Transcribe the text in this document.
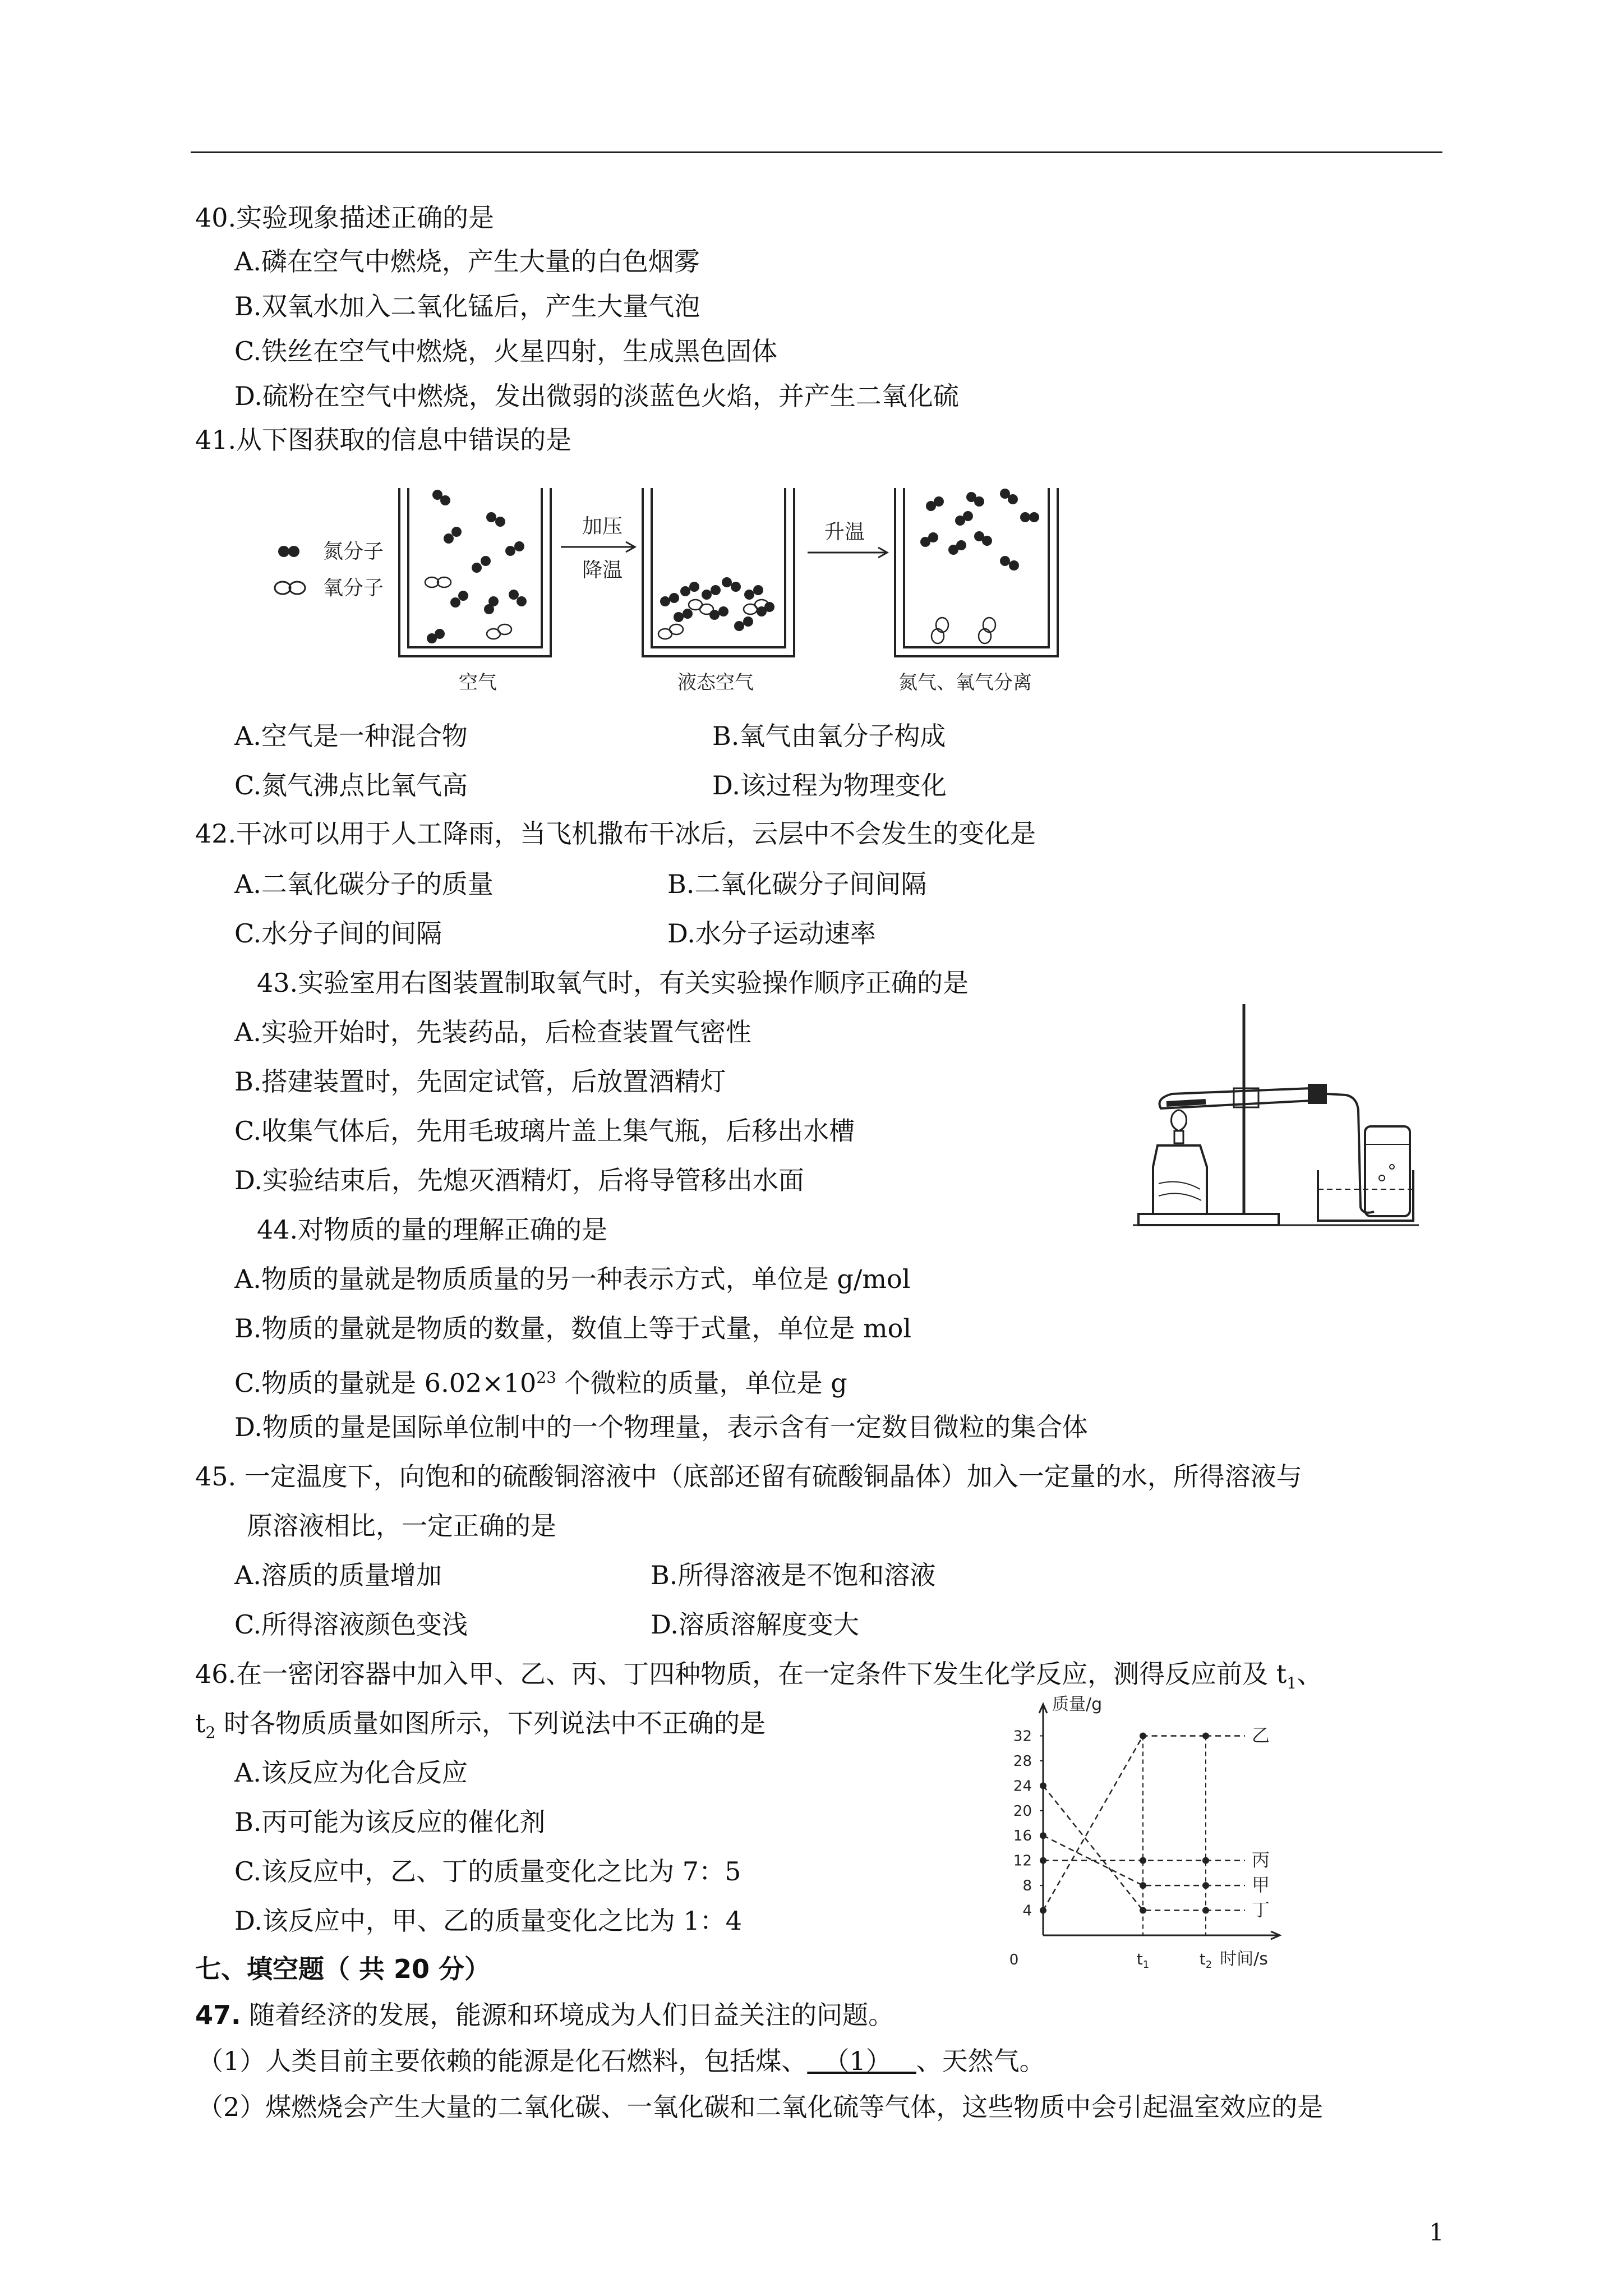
40.实验现象描述正确的是
A.磷在空气中燃烧，产生大量的白色烟雾
B.双氧水加入二氧化锰后，产生大量气泡
C.铁丝在空气中燃烧，火星四射，生成黑色固体
D.硫粉在空气中燃烧，发出微弱的淡蓝色火焰，并产生二氧化硫
41.从下图获取的信息中错误的是
氮分子
氧分子
空气
加压
降温
液态空气
升温
氮气、氧气分离
A.空气是一种混合物	B.氧气由氧分子构成
C.氮气沸点比氧气高	D.该过程为物理变化
42.干冰可以用于人工降雨，当飞机撒布干冰后，云层中不会发生的变化是
A.二氧化碳分子的质量	B.二氧化碳分子间间隔
C.水分子间的间隔	D.水分子运动速率
43.实验室用右图装置制取氧气时，有关实验操作顺序正确的是
A.实验开始时，先装药品，后检查装置气密性
B.搭建装置时，先固定试管，后放置酒精灯
C.收集气体后，先用毛玻璃片盖上集气瓶，后移出水槽
D.实验结束后，先熄灭酒精灯，后将导管移出水面
44.对物质的量的理解正确的是
A.物质的量就是物质质量的另一种表示方式，单位是 g/mol
B.物质的量就是物质的数量，数值上等于式量，单位是 mol
C.物质的量就是 $6.02\times 10^{23}$ 个微粒的质量，单位是 g
D.物质的量是国际单位制中的一个物理量，表示含有一定数目微粒的集合体
45. 一定温度下，向饱和的硫酸铜溶液中（底部还留有硫酸铜晶体）加入一定量的水，所得溶液与
原溶液相比，一定正确的是
A.溶质的质量增加	B.所得溶液是不饱和溶液
C.所得溶液颜色变浅	D.溶质溶解度变大
46.在一密闭容器中加入甲、乙、丙、丁四种物质，在一定条件下发生化学反应，测得反应前及 $t_1$、
$t_2$ 时各物质质量如图所示，下列说法中不正确的是
A.该反应为化合反应
B.丙可能为该反应的催化剂
C.该反应中，乙、丁的质量变化之比为 7：5
D.该反应中，甲、乙的质量变化之比为 1：4
质量/g
时间/s
4
8
12
16
20
24
28
32
0	$t_1$	$t_2$
乙
丙
甲
丁
七、填空题（ 共 20 分）
47. 随着经济的发展，能源和环境成为人们日益关注的问题。
（1）人类目前主要依赖的能源是化石燃料，包括煤、  （1）   、天然气。
（2）煤燃烧会产生大量的二氧化碳、一氧化碳和二氧化硫等气体，这些物质中会引起温室效应的是
1
